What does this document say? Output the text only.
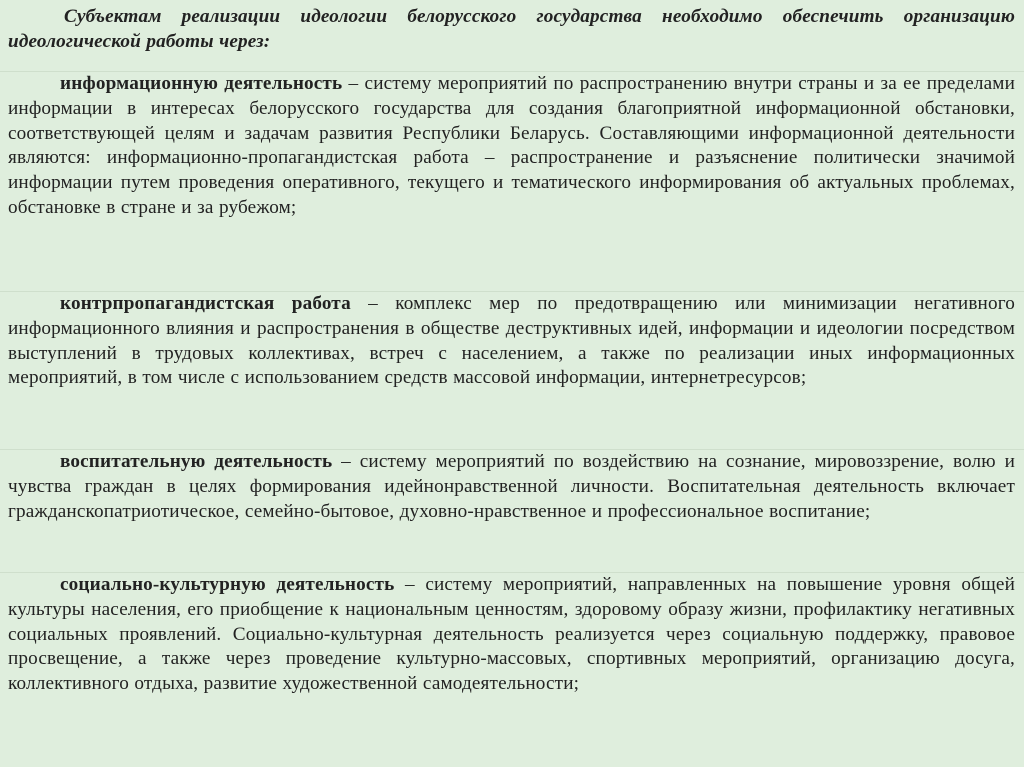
Субъектам реализации идеологии белорусского государства необходимо обеспечить организацию идеологической работы через:

информационную деятельность – систему мероприятий по распространению внутри страны и за ее пределами информации в интересах белорусского государства для создания благоприятной информационной обстановки, соответствующей целям и задачам развития Республики Беларусь. Составляющими информационной деятельности являются: информационно-пропагандистская работа – распространение и разъяснение политически значимой информации путем проведения оперативного, текущего и тематического информирования об актуальных проблемах, обстановке в стране и за рубежом;

контрпропагандистская работа – комплекс мер по предотвращению или минимизации негативного информационного влияния и распространения в обществе деструктивных идей, информации и идеологии посредством выступлений в трудовых коллективах, встреч с населением, а также по реализации иных информационных мероприятий, в том числе с использованием средств массовой информации, интернетресурсов;

воспитательную деятельность – систему мероприятий по воздействию на сознание, мировоззрение, волю и чувства граждан в целях формирования идейнонравственной личности. Воспитательная деятельность включает гражданскопатриотическое, семейно-бытовое, духовно-нравственное и профессиональное воспитание;

социально-культурную деятельность – систему мероприятий, направленных на повышение уровня общей культуры населения, его приобщение к национальным ценностям, здоровому образу жизни, профилактику негативных социальных проявлений. Социально-культурная деятельность реализуется через социальную поддержку, правовое просвещение, а также через проведение культурно-массовых, спортивных мероприятий, организацию досуга, коллективного отдыха, развитие художественной самодеятельности;
